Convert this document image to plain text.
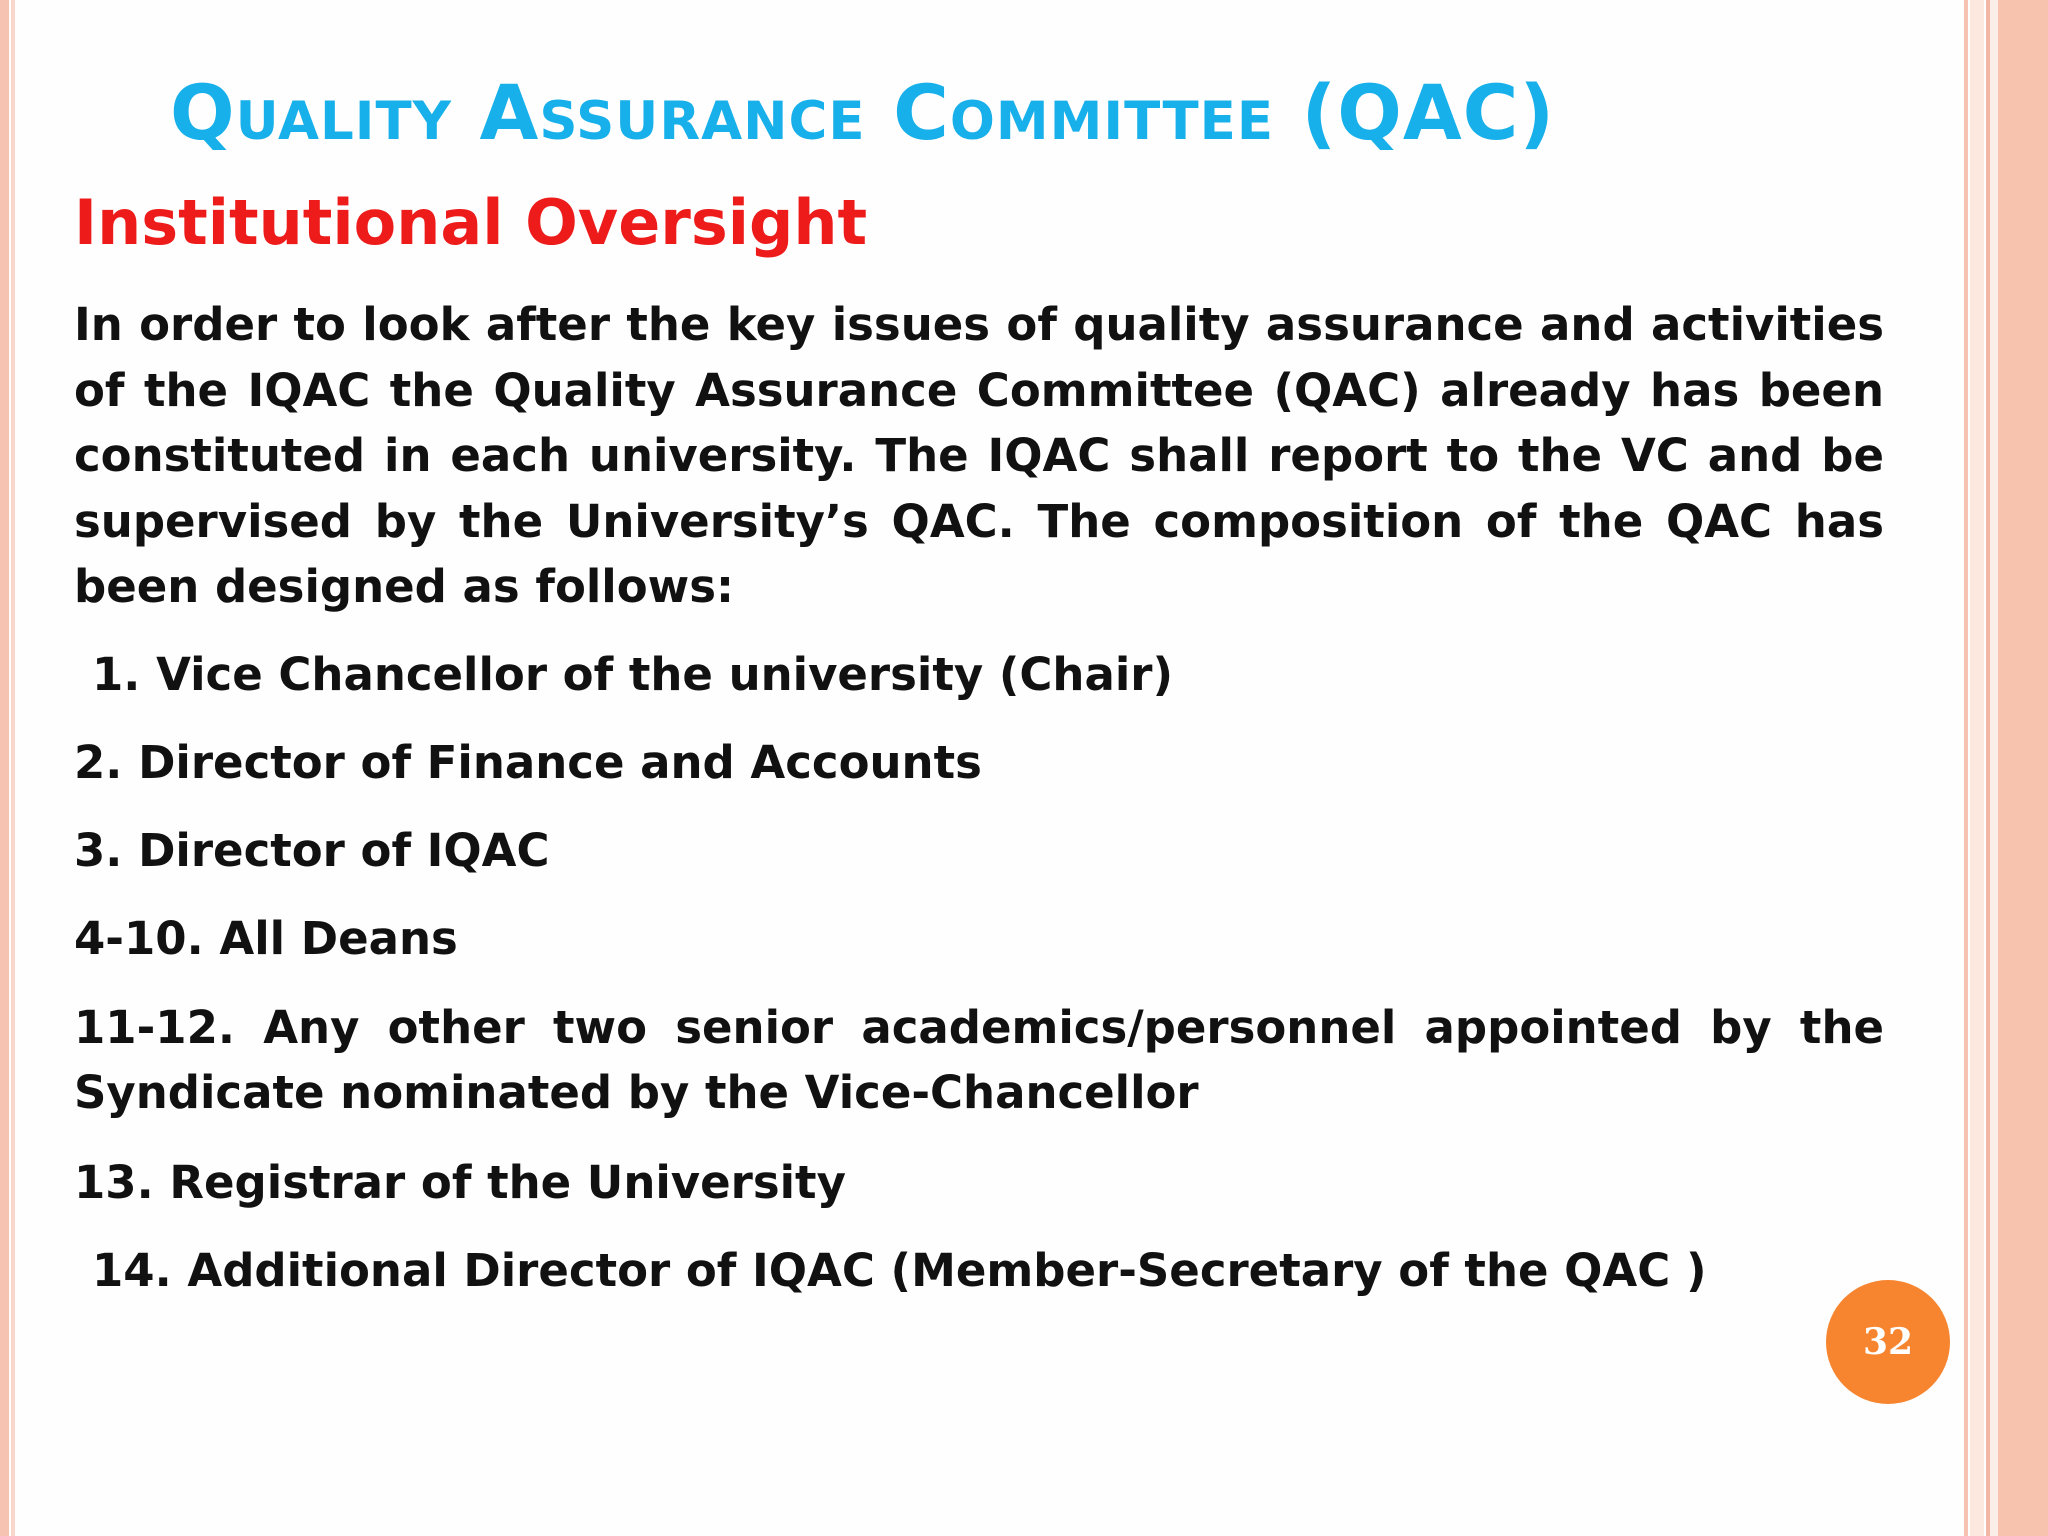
Quality Assurance Committee (QAC)
Institutional Oversight

In order to look after the key issues of quality assurance and activities of the IQAC the Quality Assurance Committee (QAC) already has been constituted in each university. The IQAC shall report to the VC and be supervised by the University’s QAC. The composition of the QAC has been designed as follows:

1. Vice Chancellor of the university (Chair)

2. Director of Finance and Accounts

3. Director of IQAC

4-10. All Deans

11-12. Any other two senior academics/personnel appointed by the Syndicate nominated by the Vice-Chancellor

13. Registrar of the University

14. Additional Director of IQAC (Member-Secretary of the QAC )

32
